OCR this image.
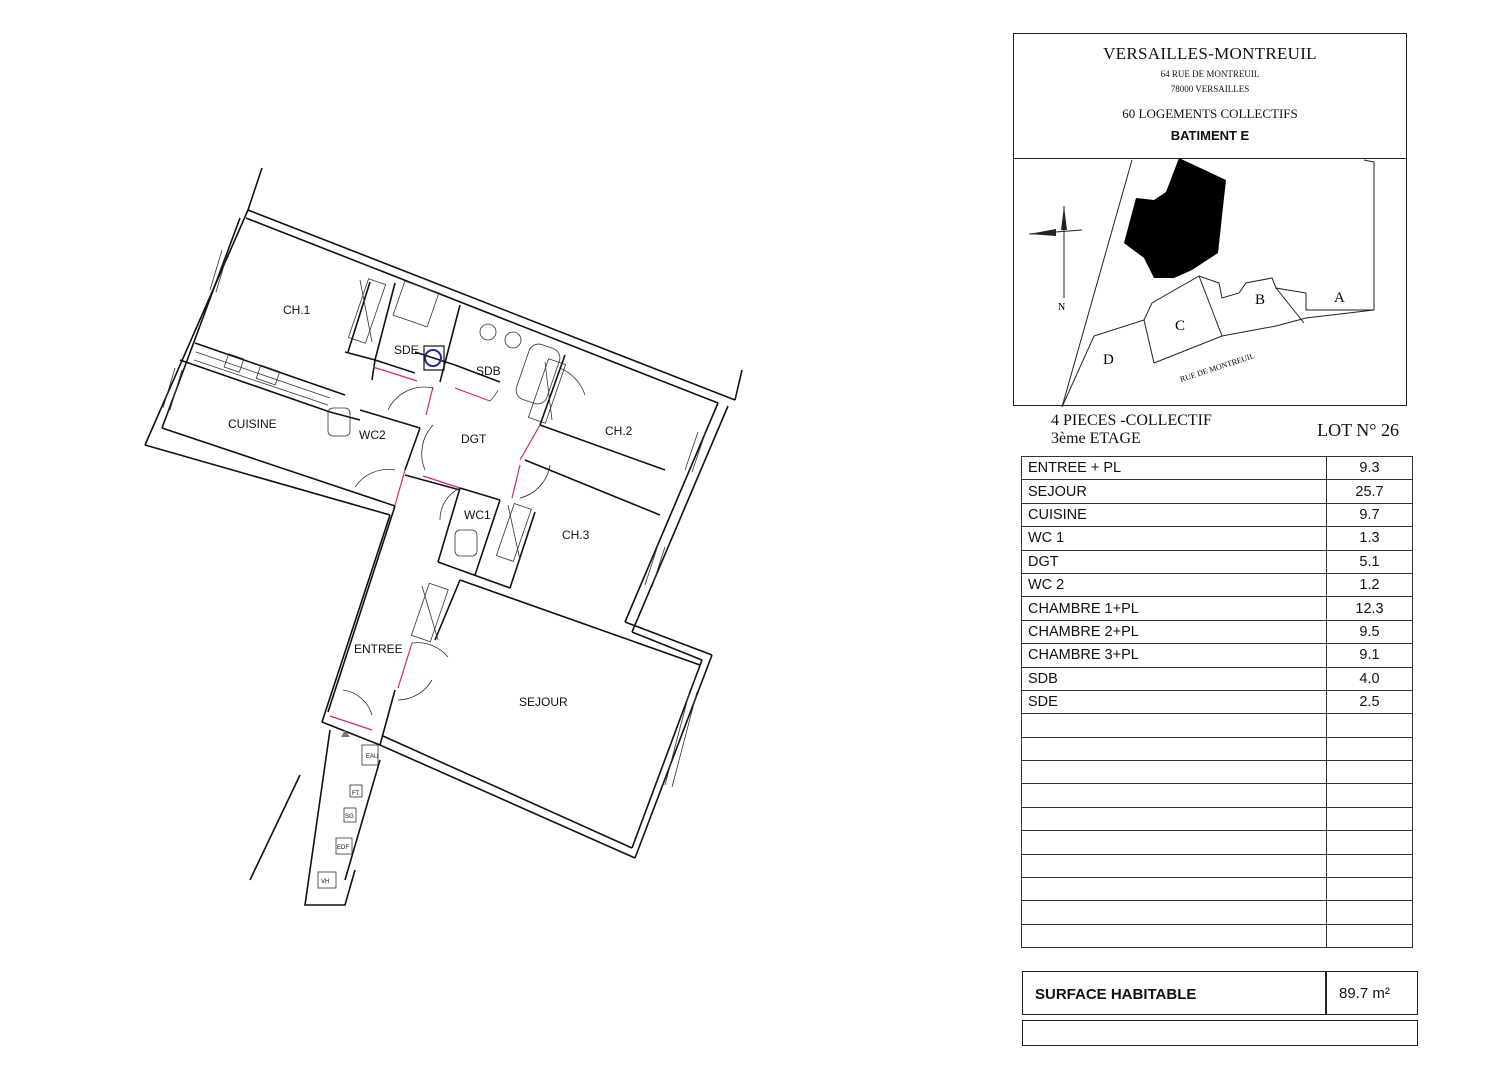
CH.1
SDE
SDB
CUISINE
WC2	DGT
CH.2
WC1
CH.3
ENTREE
SEJOUR
EAU
FT
SG
EDF
VH
VERSAILLES-MONTREUIL
64 RUE DE MONTREUIL
78000 VERSAILLES
60 LOGEMENTS COLLECTIFS
BATIMENT E
N
A
B
C
D	RUE DE MONTREUIL
4 PIECES -COLLECTIF
3ème ETAGE	LOT N° 26
ENTREE + PL	9.3
SEJOUR	25.7
CUISINE	9.7
WC 1	1.3
DGT	5.1
WC 2	1.2
CHAMBRE 1+PL	12.3
CHAMBRE 2+PL	9.5
CHAMBRE 3+PL	9.1
SDB	4.0
SDE	2.5

SURFACE HABITABLE	89.7 m²
